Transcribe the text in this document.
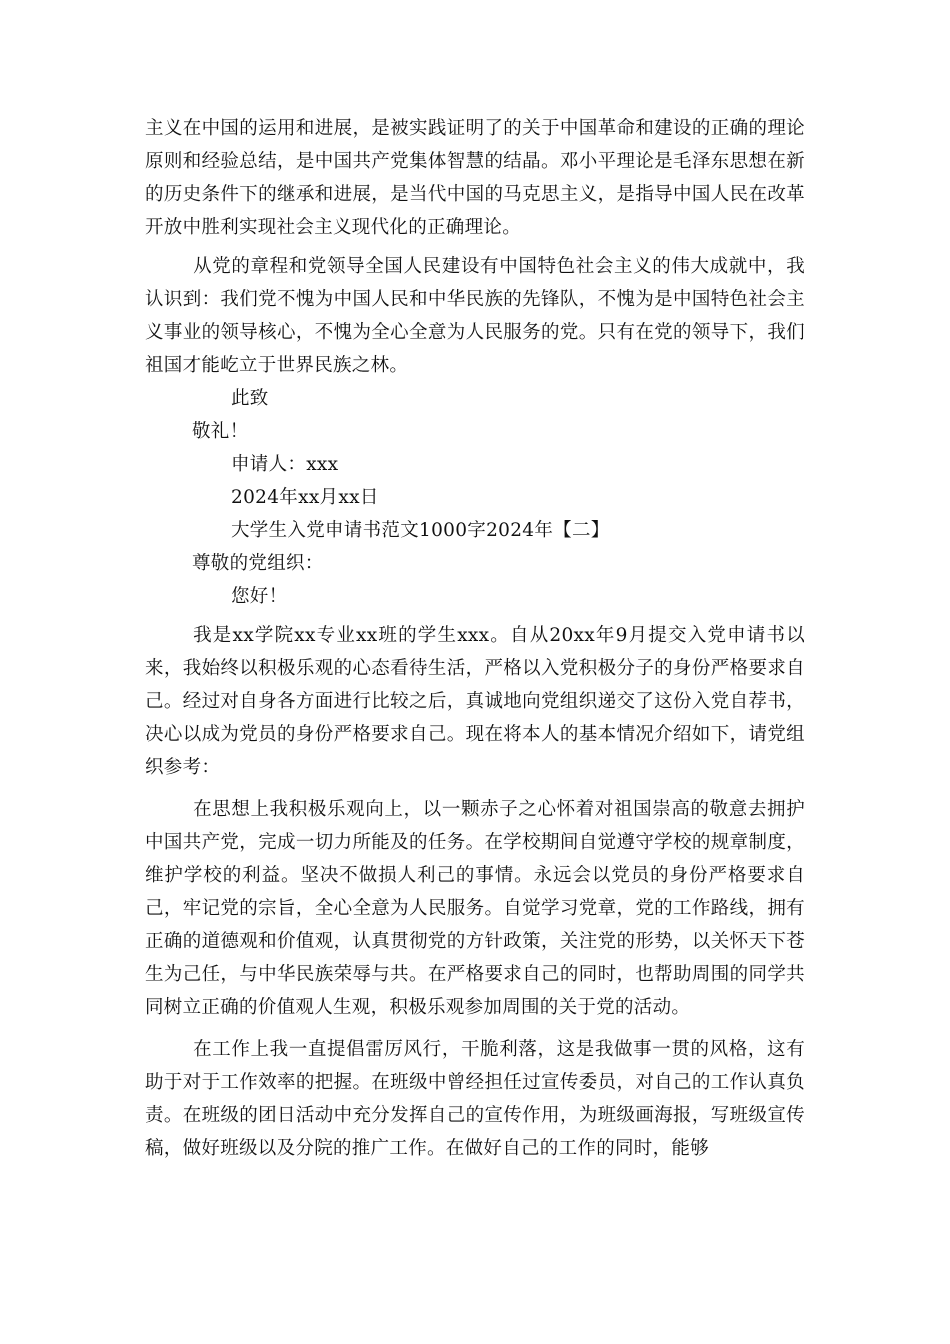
主义在中国的运用和进展，是被实践证明了的关于中国革命和建设的正确的理论原则和经验总结，是中国共产党集体智慧的结晶。邓小平理论是毛泽东思想在新的历史条件下的继承和进展，是当代中国的马克思主义，是指导中国人民在改革开放中胜利实现社会主义现代化的正确理论。

从党的章程和党领导全国人民建设有中国特色社会主义的伟大成就中，我认识到：我们党不愧为中国人民和中华民族的先锋队，不愧为是中国特色社会主义事业的领导核心，不愧为全心全意为人民服务的党。只有在党的领导下，我们祖国才能屹立于世界民族之林。

此致

敬礼！

申请人：xxx

2024年xx月xx日

大学生入党申请书范文1000字2024年【二】

尊敬的党组织：

您好！

我是xx学院xx专业xx班的学生xxx。自从20xx年9月提交入党申请书以来，我始终以积极乐观的心态看待生活，严格以入党积极分子的身份严格要求自己。经过对自身各方面进行比较之后，真诚地向党组织递交了这份入党自荐书，决心以成为党员的身份严格要求自己。现在将本人的基本情况介绍如下，请党组织参考：

在思想上我积极乐观向上，以一颗赤子之心怀着对祖国崇高的敬意去拥护中国共产党，完成一切力所能及的任务。在学校期间自觉遵守学校的规章制度，维护学校的利益。坚决不做损人利己的事情。永远会以党员的身份严格要求自己，牢记党的宗旨，全心全意为人民服务。自觉学习党章，党的工作路线，拥有正确的道德观和价值观，认真贯彻党的方针政策，关注党的形势，以关怀天下苍生为己任，与中华民族荣辱与共。在严格要求自己的同时，也帮助周围的同学共同树立正确的价值观人生观，积极乐观参加周围的关于党的活动。

在工作上我一直提倡雷厉风行，干脆利落，这是我做事一贯的风格，这有助于对于工作效率的把握。在班级中曾经担任过宣传委员，对自己的工作认真负责。在班级的团日活动中充分发挥自己的宣传作用，为班级画海报，写班级宣传稿，做好班级以及分院的推广工作。在做好自己的工作的同时，能够
